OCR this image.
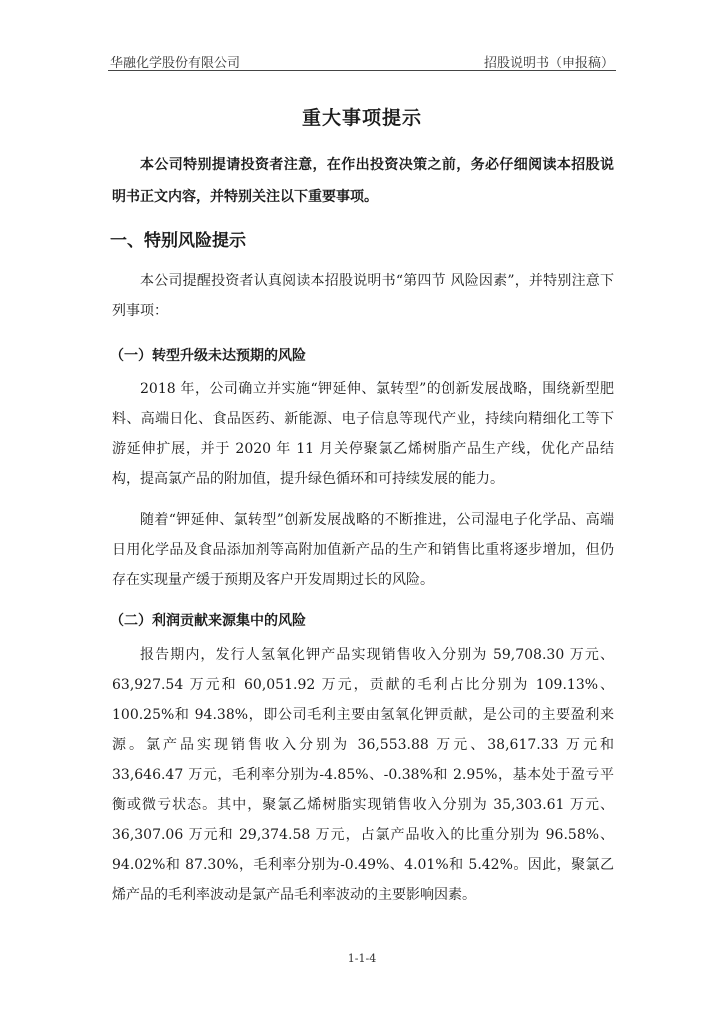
华融化学股份有限公司	招股说明书（申报稿）
重大事项提示
本公司特别提请投资者注意，在作出投资决策之前，务必仔细阅读本招股说明书正文内容，并特别关注以下重要事项。
一、特别风险提示
本公司提醒投资者认真阅读本招股说明书“第四节 风险因素”，并特别注意下列事项：
（一）转型升级未达预期的风险
2018 年，公司确立并实施“钾延伸、氯转型”的创新发展战略，围绕新型肥料、高端日化、食品医药、新能源、电子信息等现代产业，持续向精细化工等下游延伸扩展，并于 2020 年 11 月关停聚氯乙烯树脂产品生产线，优化产品结构，提高氯产品的附加值，提升绿色循环和可持续发展的能力。
随着“钾延伸、氯转型”创新发展战略的不断推进，公司湿电子化学品、高端日用化学品及食品添加剂等高附加值新产品的生产和销售比重将逐步增加，但仍存在实现量产缓于预期及客户开发周期过长的风险。
（二）利润贡献来源集中的风险
报告期内，发行人氢氧化钾产品实现销售收入分别为 59,708.30 万元、63,927.54 万元和 60,051.92 万元，贡献的毛利占比分别为 109.13%、100.25%和 94.38%，即公司毛利主要由氢氧化钾贡献，是公司的主要盈利来源。氯产品实现销售收入分别为 36,553.88 万元、38,617.33 万元和 33,646.47 万元，毛利率分别为-4.85%、-0.38%和 2.95%，基本处于盈亏平衡或微亏状态。其中，聚氯乙烯树脂实现销售收入分别为 35,303.61 万元、36,307.06 万元和 29,374.58 万元，占氯产品收入的比重分别为 96.58%、94.02%和 87.30%，毛利率分别为-0.49%、4.01%和 5.42%。因此，聚氯乙烯产品的毛利率波动是氯产品毛利率波动的主要影响因素。
1-1-4
